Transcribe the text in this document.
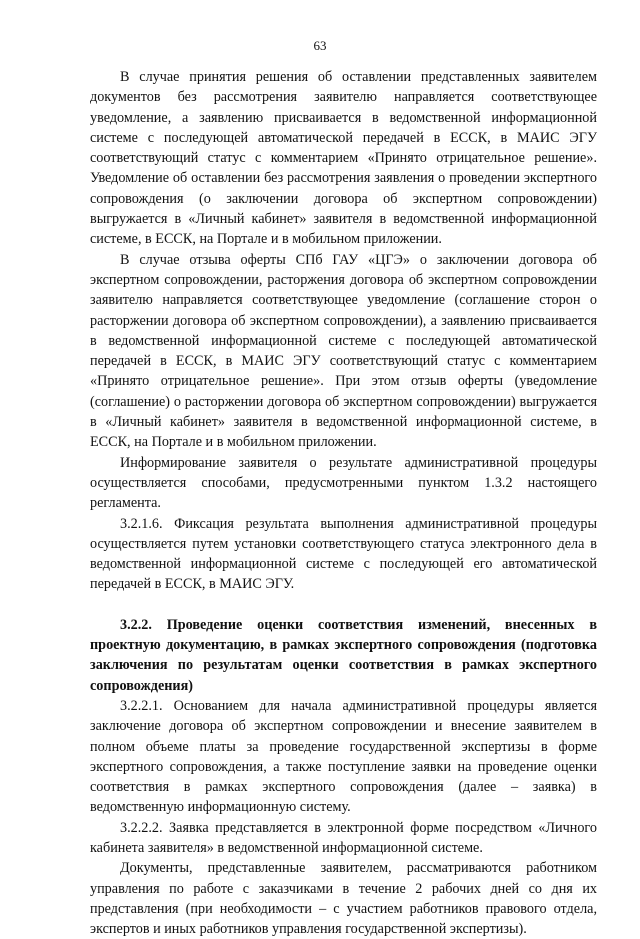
63

В случае принятия решения об оставлении представленных заявителем документов без рассмотрения заявителю направляется соответствующее уведомление, а заявлению присваивается в ведомственной информационной системе с последующей автоматической передачей в ЕССК, в МАИС ЭГУ соответствующий статус с комментарием «Принято отрицательное решение». Уведомление об оставлении без рассмотрения заявления о проведении экспертного сопровождения (о заключении договора об экспертном сопровождении) выгружается в «Личный кабинет» заявителя в ведомственной информационной системе, в ЕССК, на Портале и в мобильном приложении.

В случае отзыва оферты СПб ГАУ «ЦГЭ» о заключении договора об экспертном сопровождении, расторжения договора об экспертном сопровождении заявителю направляется соответствующее уведомление (соглашение сторон о расторжении договора об экспертном сопровождении), а заявлению присваивается в ведомственной информационной системе с последующей автоматической передачей в ЕССК, в МАИС ЭГУ соответствующий статус с комментарием «Принято отрицательное решение». При этом отзыв оферты (уведомление (соглашение) о расторжении договора об экспертном сопровождении) выгружается в «Личный кабинет» заявителя в ведомственной информационной системе, в ЕССК, на Портале и в мобильном приложении.

Информирование заявителя о результате административной процедуры осуществляется способами, предусмотренными пунктом 1.3.2 настоящего регламента.

3.2.1.6. Фиксация результата выполнения административной процедуры осуществляется путем установки соответствующего статуса электронного дела в ведомственной информационной системе с последующей его автоматической передачей в ЕССК, в МАИС ЭГУ.

3.2.2. Проведение оценки соответствия изменений, внесенных в проектную документацию, в рамках экспертного сопровождения (подготовка заключения по результатам оценки соответствия в рамках экспертного сопровождения)

3.2.2.1. Основанием для начала административной процедуры является заключение договора об экспертном сопровождении и внесение заявителем в полном объеме платы за проведение государственной экспертизы в форме экспертного сопровождения, а также поступление заявки на проведение оценки соответствия в рамках экспертного сопровождения (далее – заявка) в ведомственную информационную систему.

3.2.2.2. Заявка представляется в электронной форме посредством «Личного кабинета заявителя» в ведомственной информационной системе.

Документы, представленные заявителем, рассматриваются работником управления по работе с заказчиками в течение 2 рабочих дней со дня их представления (при необходимости – с участием работников правового отдела, экспертов и иных работников управления государственной экспертизы).
